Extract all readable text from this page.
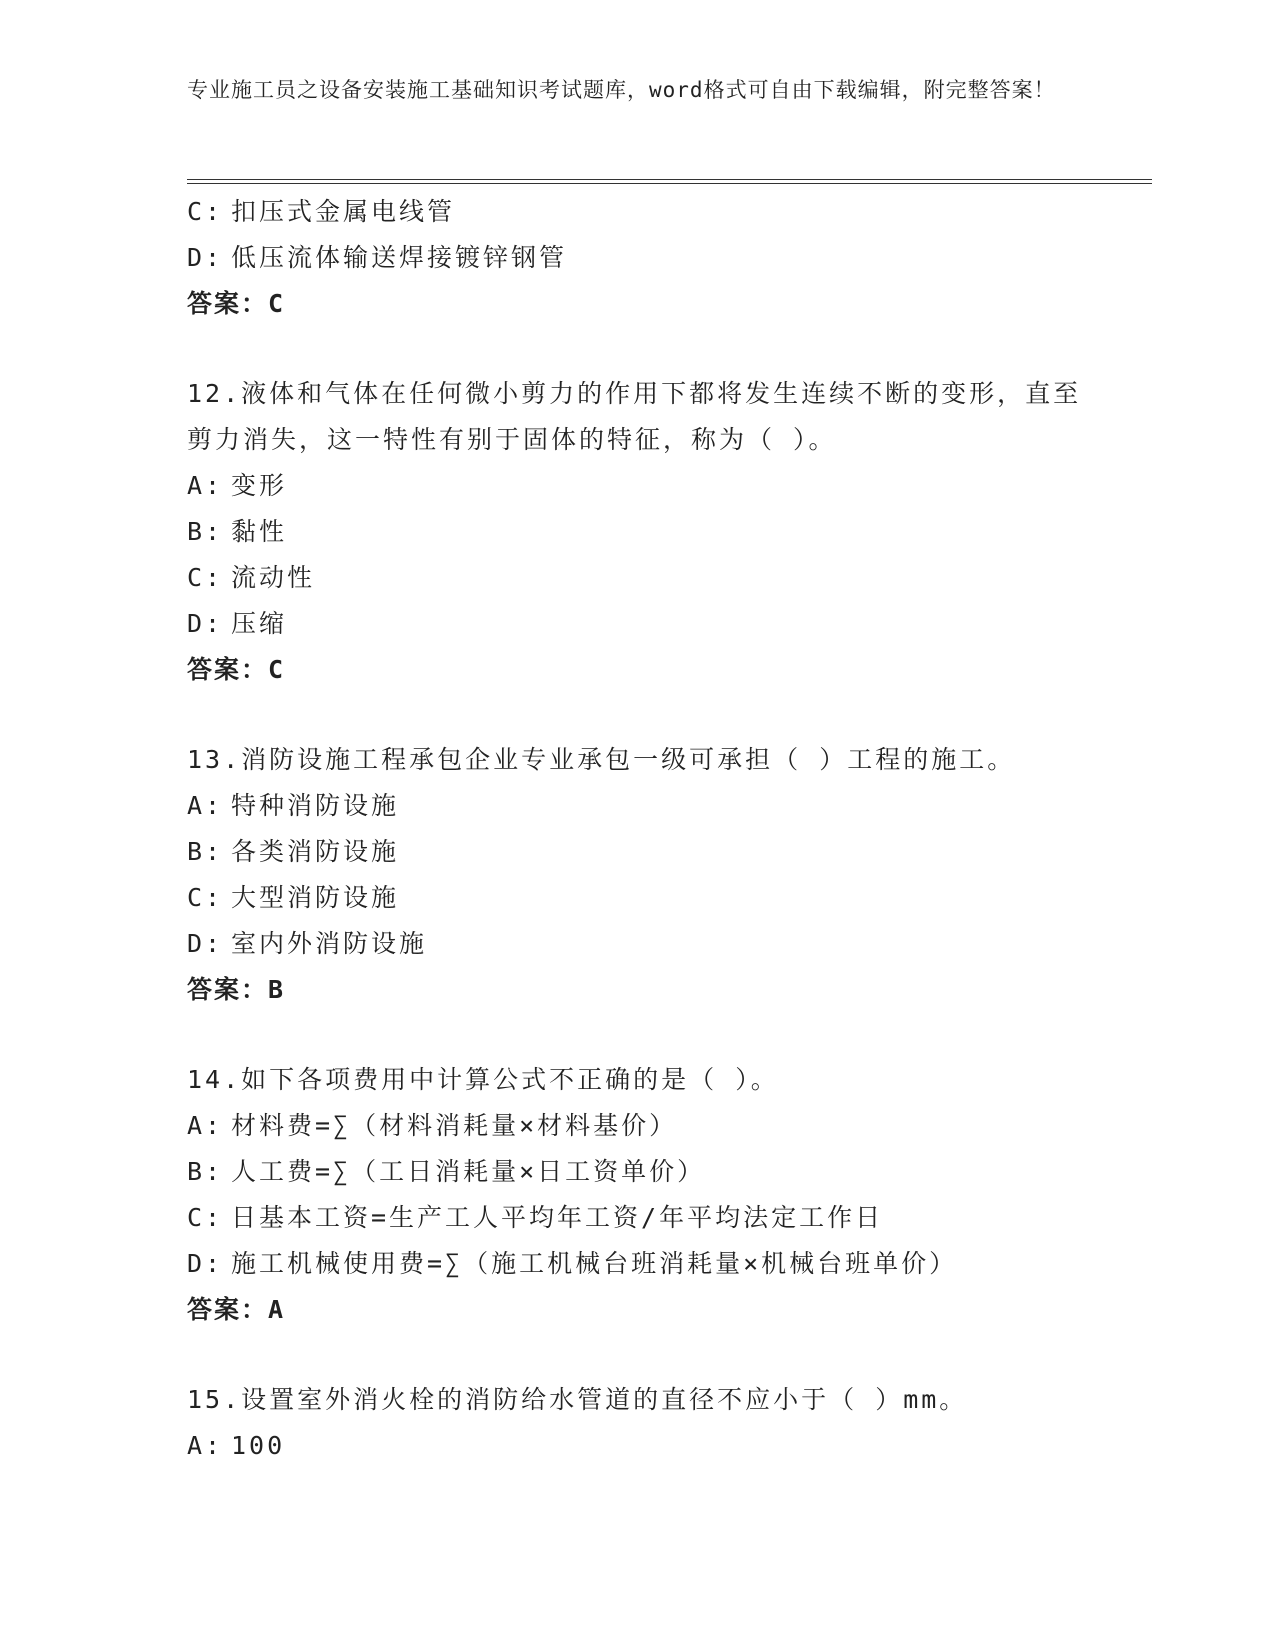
专业施工员之设备安装施工基础知识考试题库，word格式可自由下载编辑，附完整答案！
C: 扣压式金属电线管
D: 低压流体输送焊接镀锌钢管
答案：C
12.液体和气体在任何微小剪力的作用下都将发生连续不断的变形，直至剪力消失，这一特性有别于固体的特征，称为（ ）。
A: 变形
B: 黏性
C: 流动性
D: 压缩
答案：C
13.消防设施工程承包企业专业承包一级可承担（ ）工程的施工。
A: 特种消防设施
B: 各类消防设施
C: 大型消防设施
D: 室内外消防设施
答案：B
14.如下各项费用中计算公式不正确的是（ ）。
A: 材料费=∑（材料消耗量×材料基价）
B: 人工费=∑（工日消耗量×日工资单价）
C: 日基本工资=生产工人平均年工资/年平均法定工作日
D: 施工机械使用费=∑（施工机械台班消耗量×机械台班单价）
答案：A
15.设置室外消火栓的消防给水管道的直径不应小于（ ）mm。
A: 100
